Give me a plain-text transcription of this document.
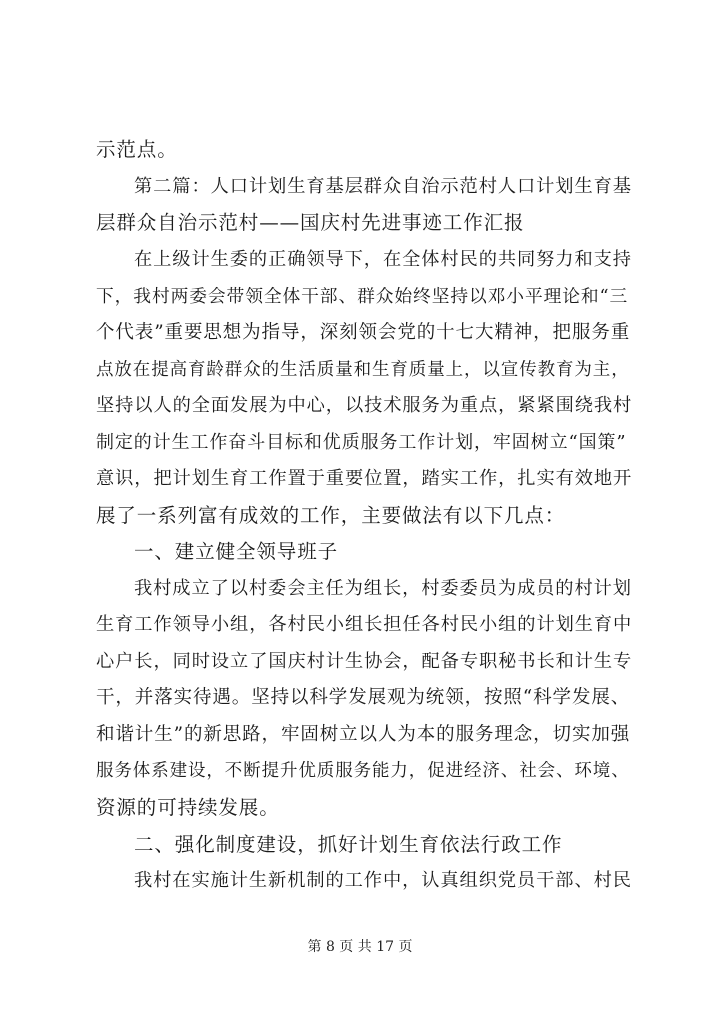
示范点。
第二篇：人口计划生育基层群众自治示范村人口计划生育基
层群众自治示范村——国庆村先进事迹工作汇报
在上级计生委的正确领导下，在全体村民的共同努力和支持
下，我村两委会带领全体干部、群众始终坚持以邓小平理论和“三
个代表”重要思想为指导，深刻领会党的十七大精神，把服务重
点放在提高育龄群众的生活质量和生育质量上，以宣传教育为主，
坚持以人的全面发展为中心，以技术服务为重点，紧紧围绕我村
制定的计生工作奋斗目标和优质服务工作计划，牢固树立“国策”
意识，把计划生育工作置于重要位置，踏实工作，扎实有效地开
展了一系列富有成效的工作，主要做法有以下几点：
一、建立健全领导班子
我村成立了以村委会主任为组长，村委委员为成员的村计划
生育工作领导小组，各村民小组长担任各村民小组的计划生育中
心户长，同时设立了国庆村计生协会，配备专职秘书长和计生专
干，并落实待遇。坚持以科学发展观为统领，按照“科学发展、
和谐计生”的新思路，牢固树立以人为本的服务理念，切实加强
服务体系建设，不断提升优质服务能力，促进经济、社会、环境、
资源的可持续发展。
二、强化制度建设，抓好计划生育依法行政工作
我村在实施计生新机制的工作中，认真组织党员干部、村民
第 8 页 共 17 页
